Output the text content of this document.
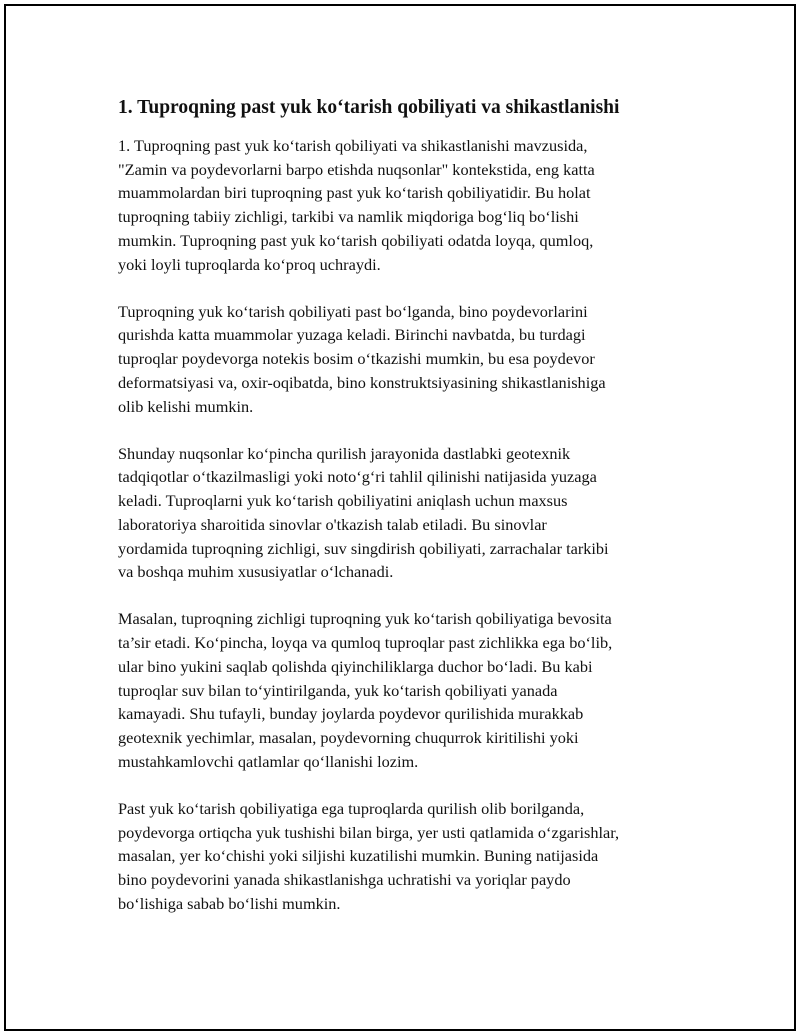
1. Tuproqning past yuk ko‘tarish qobiliyati va shikastlanishi

1. Tuproqning past yuk ko‘tarish qobiliyati va shikastlanishi mavzusida,
"Zamin va poydevorlarni barpo etishda nuqsonlar" kontekstida, eng katta
muammolardan biri tuproqning past yuk ko‘tarish qobiliyatidir. Bu holat
tuproqning tabiiy zichligi, tarkibi va namlik miqdoriga bog‘liq bo‘lishi
mumkin. Tuproqning past yuk ko‘tarish qobiliyati odatda loyqa, qumloq,
yoki loyli tuproqlarda ko‘proq uchraydi.

Tuproqning yuk ko‘tarish qobiliyati past bo‘lganda, bino poydevorlarini
qurishda katta muammolar yuzaga keladi. Birinchi navbatda, bu turdagi
tuproqlar poydevorga notekis bosim o‘tkazishi mumkin, bu esa poydevor
deformatsiyasi va, oxir-oqibatda, bino konstruktsiyasining shikastlanishiga
olib kelishi mumkin.

Shunday nuqsonlar ko‘pincha qurilish jarayonida dastlabki geotexnik
tadqiqotlar o‘tkazilmasligi yoki noto‘g‘ri tahlil qilinishi natijasida yuzaga
keladi. Tuproqlarni yuk ko‘tarish qobiliyatini aniqlash uchun maxsus
laboratoriya sharoitida sinovlar o'tkazish talab etiladi. Bu sinovlar
yordamida tuproqning zichligi, suv singdirish qobiliyati, zarrachalar tarkibi
va boshqa muhim xususiyatlar o‘lchanadi.

Masalan, tuproqning zichligi tuproqning yuk ko‘tarish qobiliyatiga bevosita
ta’sir etadi. Ko‘pincha, loyqa va qumloq tuproqlar past zichlikka ega bo‘lib,
ular bino yukini saqlab qolishda qiyinchiliklarga duchor bo‘ladi. Bu kabi
tuproqlar suv bilan to‘yintirilganda, yuk ko‘tarish qobiliyati yanada
kamayadi. Shu tufayli, bunday joylarda poydevor qurilishida murakkab
geotexnik yechimlar, masalan, poydevorning chuqurrok kiritilishi yoki
mustahkamlovchi qatlamlar qo‘llanishi lozim.

Past yuk ko‘tarish qobiliyatiga ega tuproqlarda qurilish olib borilganda,
poydevorga ortiqcha yuk tushishi bilan birga, yer usti qatlamida o‘zgarishlar,
masalan, yer ko‘chishi yoki siljishi kuzatilishi mumkin. Buning natijasida
bino poydevorini yanada shikastlanishga uchratishi va yoriqlar paydo
bo‘lishiga sabab bo‘lishi mumkin.
